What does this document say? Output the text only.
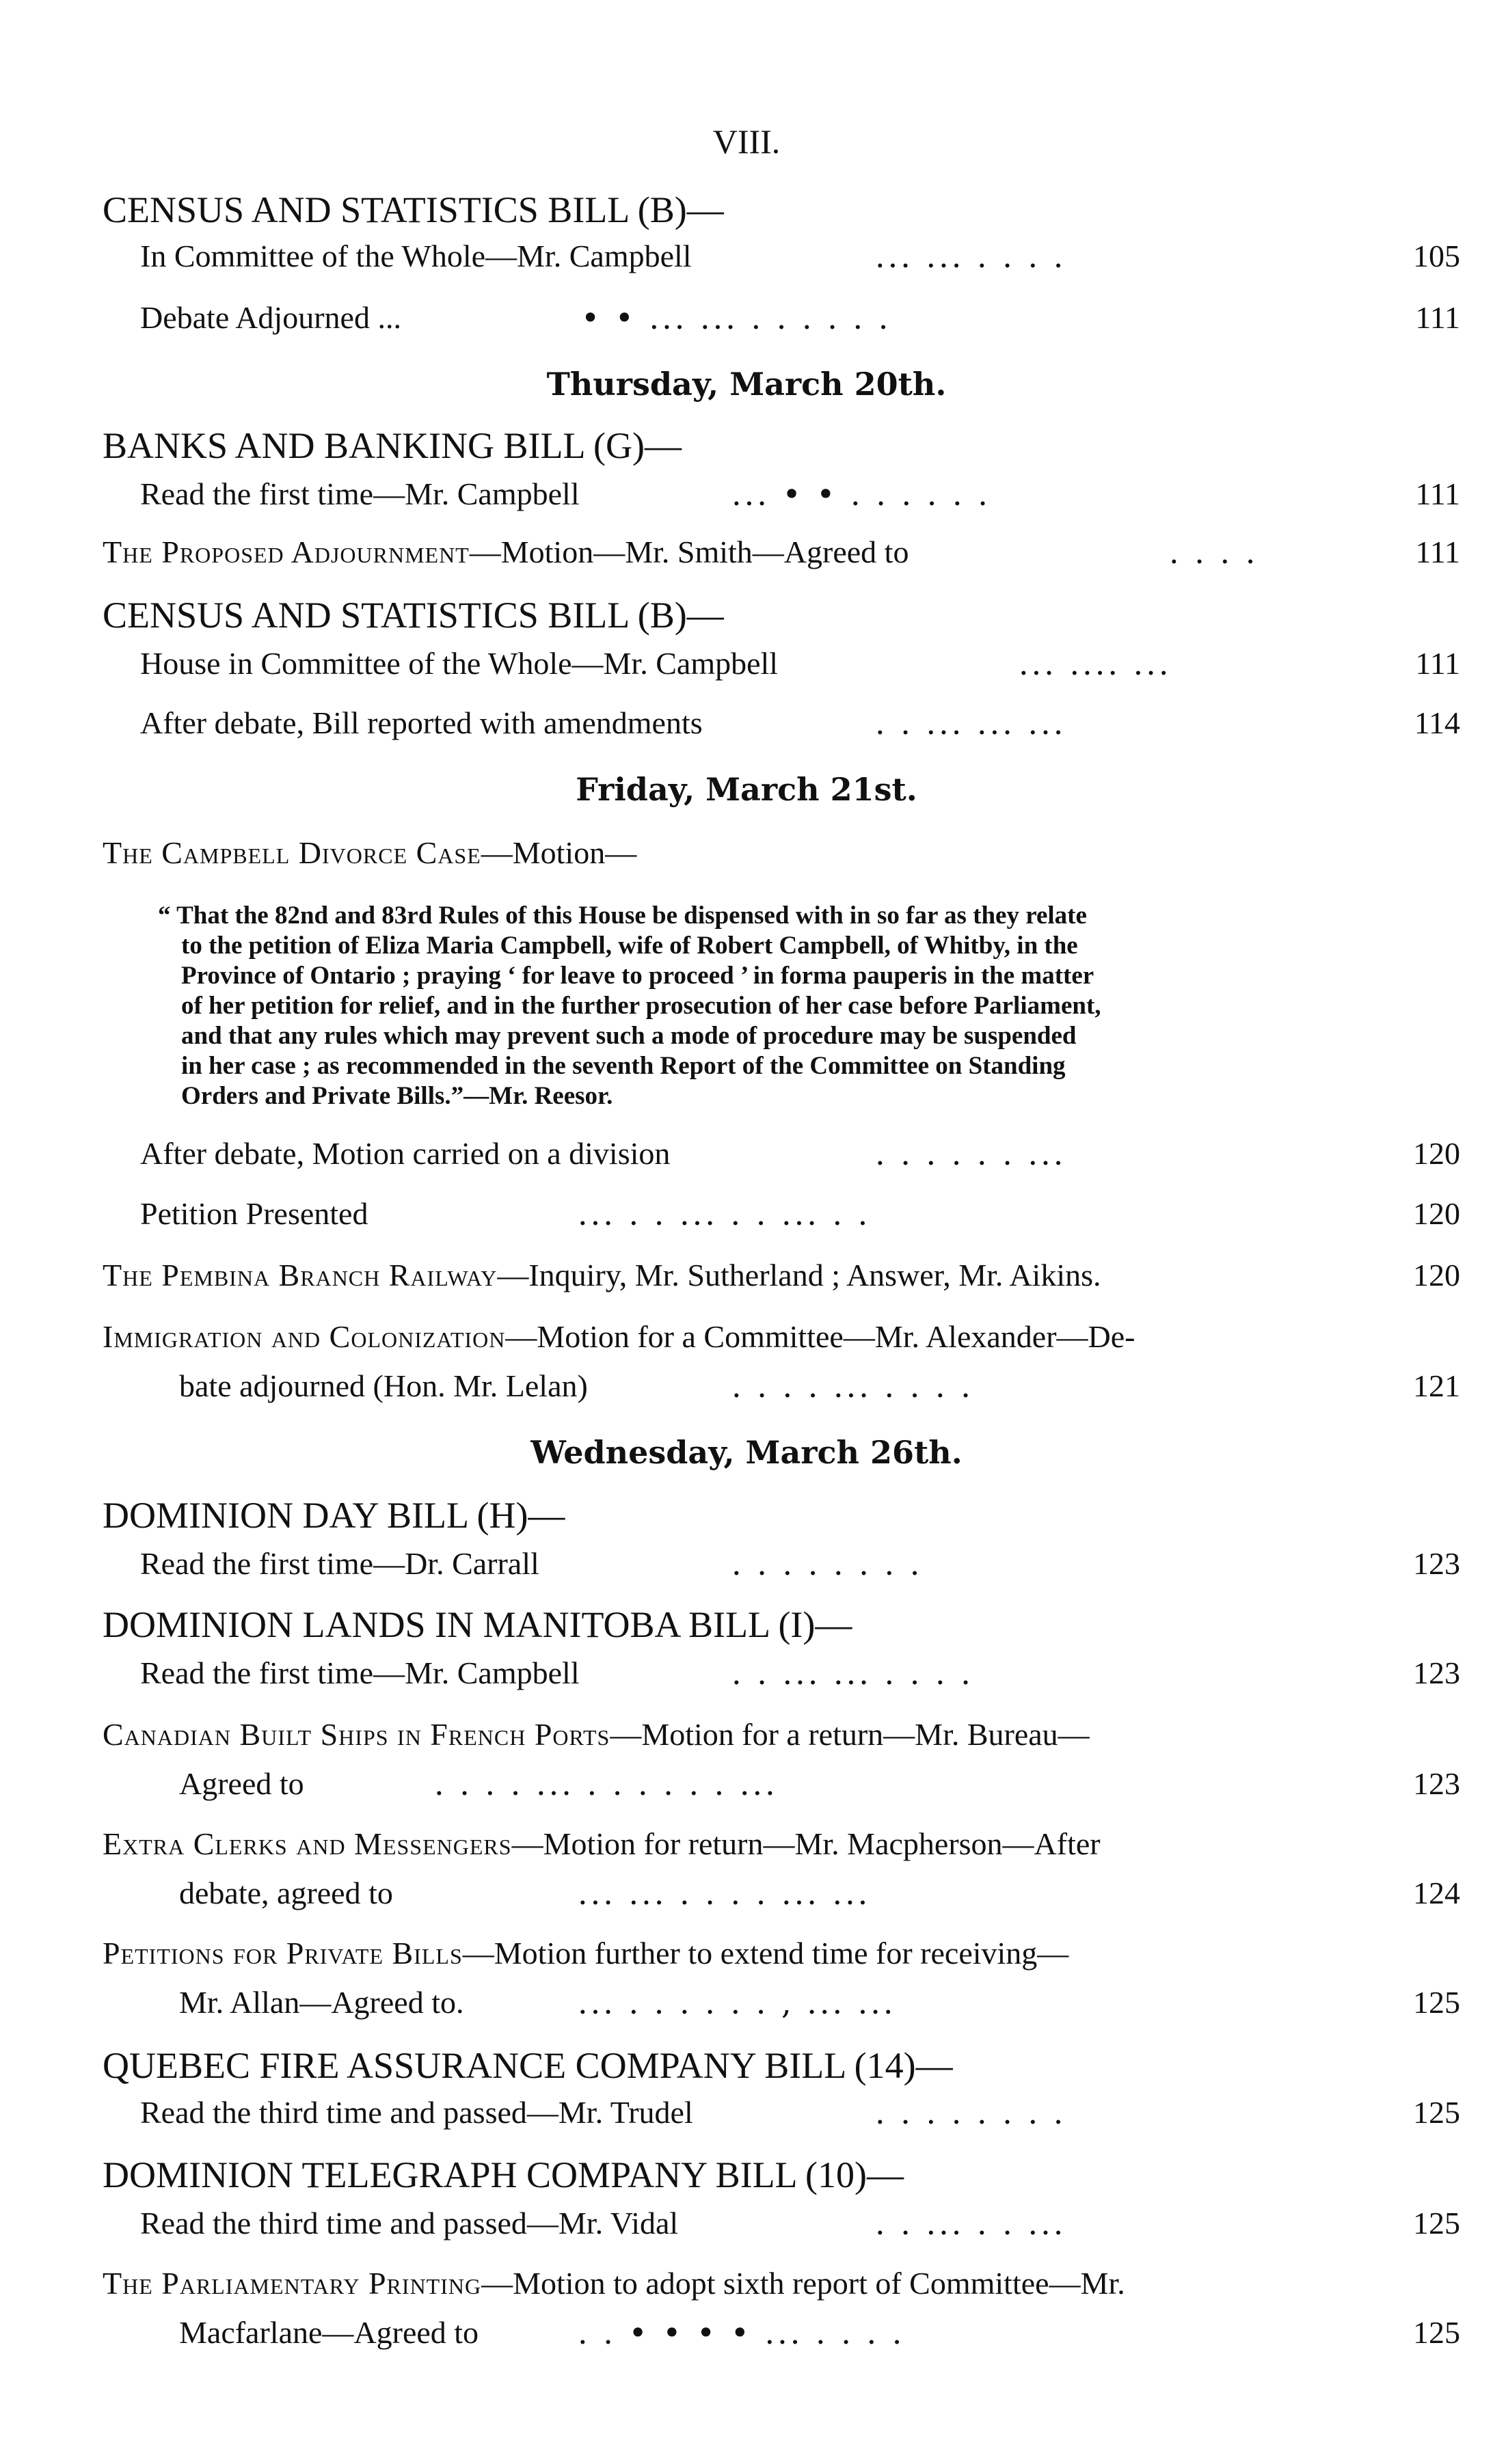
VIII.
CENSUS AND STATISTICS BILL (B)—
In Committee of the Whole—Mr. Campbell	... ... . . . .	105
Debate Adjourned ...	• • ... ... . . . . . .	111
Thursday, March 20th.
BANKS AND BANKING BILL (G)—
Read the first time—Mr. Campbell	... • • . . . . . .	111
The Proposed Adjournment—Motion—Mr. Smith—Agreed to	. . . .	111
CENSUS AND STATISTICS BILL (B)—
House in Committee of the Whole—Mr. Campbell	... .... ...	111
After debate, Bill reported with amendments	. . ... ... ...	114
Friday, March 21st.
The Campbell Divorce Case—Motion—

“ That the 82nd and 83rd Rules of this House be dispensed with in so far as they relate

to the petition of Eliza Maria Campbell, wife of Robert Campbell, of Whitby, in the

Province of Ontario ; praying ‘ for leave to proceed ’ in forma pauperis in the matter

of her petition for relief, and in the further prosecution of her case before Parliament,

and that any rules which may prevent such a mode of procedure may be suspended

in her case ; as recommended in the seventh Report of the Committee on Standing

Orders and Private Bills.”—Mr. Reesor.

After debate, Motion carried on a division	. . . . . . ...	120
Petition Presented	... . . ... . . ... . .	120
The Pembina Branch Railway—Inquiry, Mr. Sutherland ; Answer, Mr. Aikins.	120
Immigration and Colonization—Motion for a Committee—Mr. Alexander—De-
bate adjourned (Hon. Mr. Lelan)	. . . . ... . . . .	121
Wednesday, March 26th.
DOMINION DAY BILL (H)—
Read the first time—Dr. Carrall	. . . . . . . .	123
DOMINION LANDS IN MANITOBA BILL (I)—
Read the first time—Mr. Campbell	. . ... ... . . . .	123
Canadian Built Ships in French Ports—Motion for a return—Mr. Bureau—
Agreed to	. . . . ... . . . . . . ...	123
Extra Clerks and Messengers—Motion for return—Mr. Macpherson—After
debate, agreed to	... ... . . . . ... ...	124
Petitions for Private Bills—Motion further to extend time for receiving—
Mr. Allan—Agreed to.	... . . . . . . , ... ...	125
QUEBEC FIRE ASSURANCE COMPANY BILL (14)—
Read the third time and passed—Mr. Trudel	. . . . . . . .	125
DOMINION TELEGRAPH COMPANY BILL (10)—
Read the third time and passed—Mr. Vidal	. . ... . . ...	125
The Parliamentary Printing—Motion to adopt sixth report of Committee—Mr.
Macfarlane—Agreed to	. . • • • • ... . . . .	125
